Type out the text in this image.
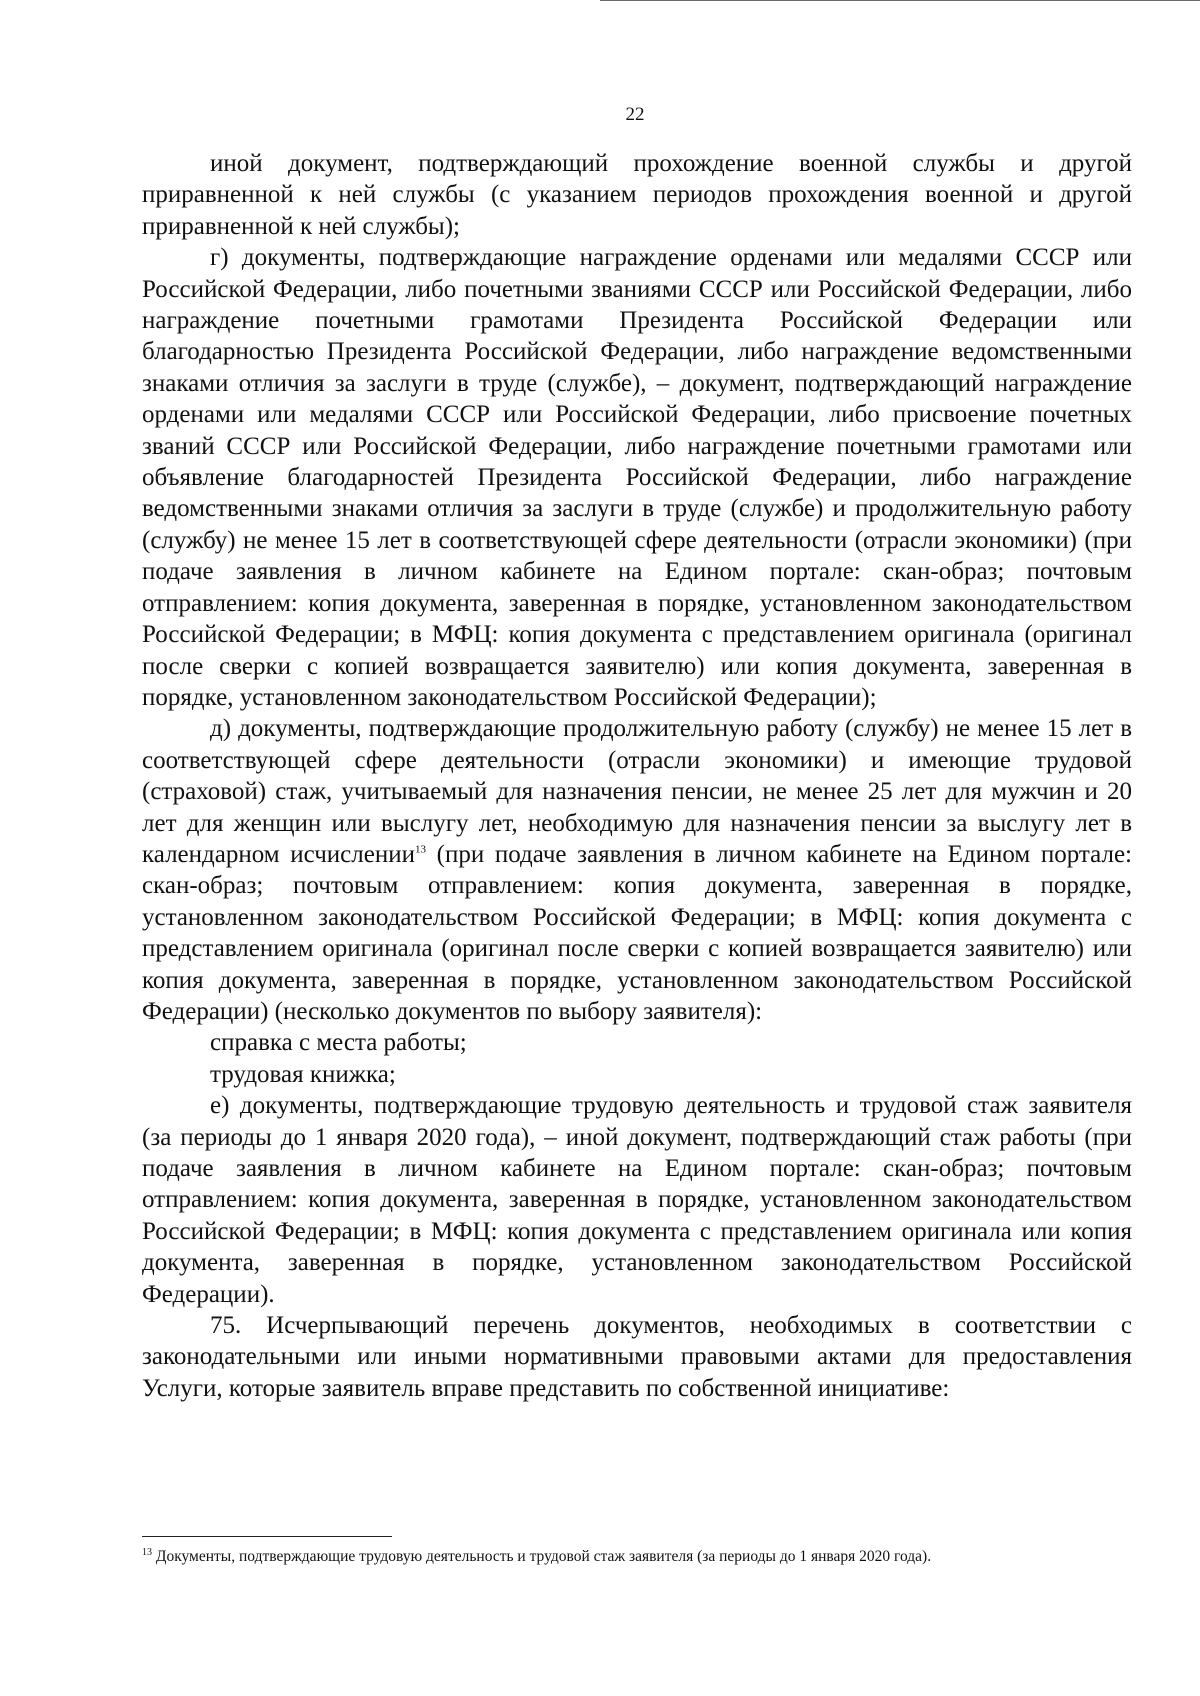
22

иной документ, подтверждающий прохождение военной службы и другой приравненной к ней службы (с указанием периодов прохождения военной и другой приравненной к ней службы);

г) документы, подтверждающие награждение орденами или медалями СССР или Российской Федерации, либо почетными званиями СССР или Российской Федерации, либо награждение почетными грамотами Президента Российской Федерации или благодарностью Президента Российской Федерации, либо награждение ведомственными знаками отличия за заслуги в труде (службе), – документ, подтверждающий награждение орденами или медалями СССР или Российской Федерации, либо присвоение почетных званий СССР или Российской Федерации, либо награждение почетными грамотами или объявление благодарностей Президента Российской Федерации, либо награждение ведомственными знаками отличия за заслуги в труде (службе) и продолжительную работу (службу) не менее 15 лет в соответствующей сфере деятельности (отрасли экономики) (при подаче заявления в личном кабинете на Едином портале: скан-образ; почтовым отправлением: копия документа, заверенная в порядке, установленном законодательством Российской Федерации; в МФЦ: копия документа с представлением оригинала (оригинал после сверки с копией возвращается заявителю) или копия документа, заверенная в порядке, установленном законодательством Российской Федерации);

д) документы, подтверждающие продолжительную работу (службу) не менее 15 лет в соответствующей сфере деятельности (отрасли экономики) и имеющие трудовой (страховой) стаж, учитываемый для назначения пенсии, не менее 25 лет для мужчин и 20 лет для женщин или выслугу лет, необходимую для назначения пенсии за выслугу лет в календарном исчислении$^{13}$ (при подаче заявления в личном кабинете на Едином портале: скан-образ; почтовым отправлением: копия документа, заверенная в порядке, установленном законодательством Российской Федерации; в МФЦ: копия документа с представлением оригинала (оригинал после сверки с копией возвращается заявителю) или копия документа, заверенная в порядке, установленном законодательством Российской Федерации) (несколько документов по выбору заявителя):

справка с места работы;

трудовая книжка;

е) документы, подтверждающие трудовую деятельность и трудовой стаж заявителя (за периоды до 1 января 2020 года), – иной документ, подтверждающий стаж работы (при подаче заявления в личном кабинете на Едином портале: скан-образ; почтовым отправлением: копия документа, заверенная в порядке, установленном законодательством Российской Федерации; в МФЦ: копия документа с представлением оригинала или копия документа, заверенная в порядке, установленном законодательством Российской Федерации).

75. Исчерпывающий перечень документов, необходимых в соответствии с законодательными или иными нормативными правовыми актами для предоставления Услуги, которые заявитель вправе представить по собственной инициативе:

$^{13}$ Документы, подтверждающие трудовую деятельность и трудовой стаж заявителя (за периоды до 1 января 2020 года).
